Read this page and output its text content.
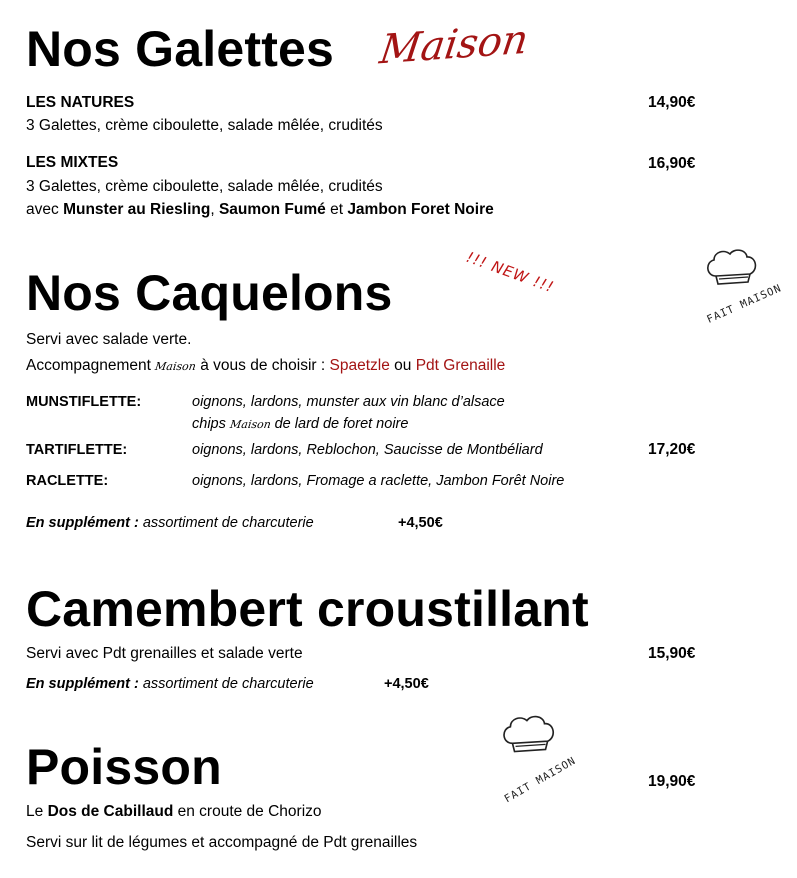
Nos Galettes Maison
LES NATURES	14,90€
3 Galettes, crème ciboulette, salade mêlée, crudités
LES MIXTES	16,90€
3 Galettes, crème ciboulette, salade mêlée, crudités
avec Munster au Riesling, Saumon Fumé et Jambon Foret Noire
Nos Caquelons	!!! NEW !!!
FAIT MAISON
Servi avec salade verte.
Accompagnement Maison à vous de choisir : Spaetzle ou Pdt Grenaille
MUNSTIFLETTE:	oignons, lardons, munster aux vin blanc d’alsace
chips Maison de lard de foret noire
TARTIFLETTE:	oignons, lardons, Reblochon, Saucisse de Montbéliard	17,20€
RACLETTE:	oignons, lardons, Fromage a raclette, Jambon Forêt Noire
En supplément : assortiment de charcuterie	+4,50€
Camembert croustillant
Servi avec Pdt grenailles et salade verte	15,90€
En supplément : assortiment de charcuterie	+4,50€
Poisson	FAIT MAISON	19,90€
Le Dos de Cabillaud en croute de Chorizo
Servi sur lit de légumes et accompagné de Pdt grenailles
